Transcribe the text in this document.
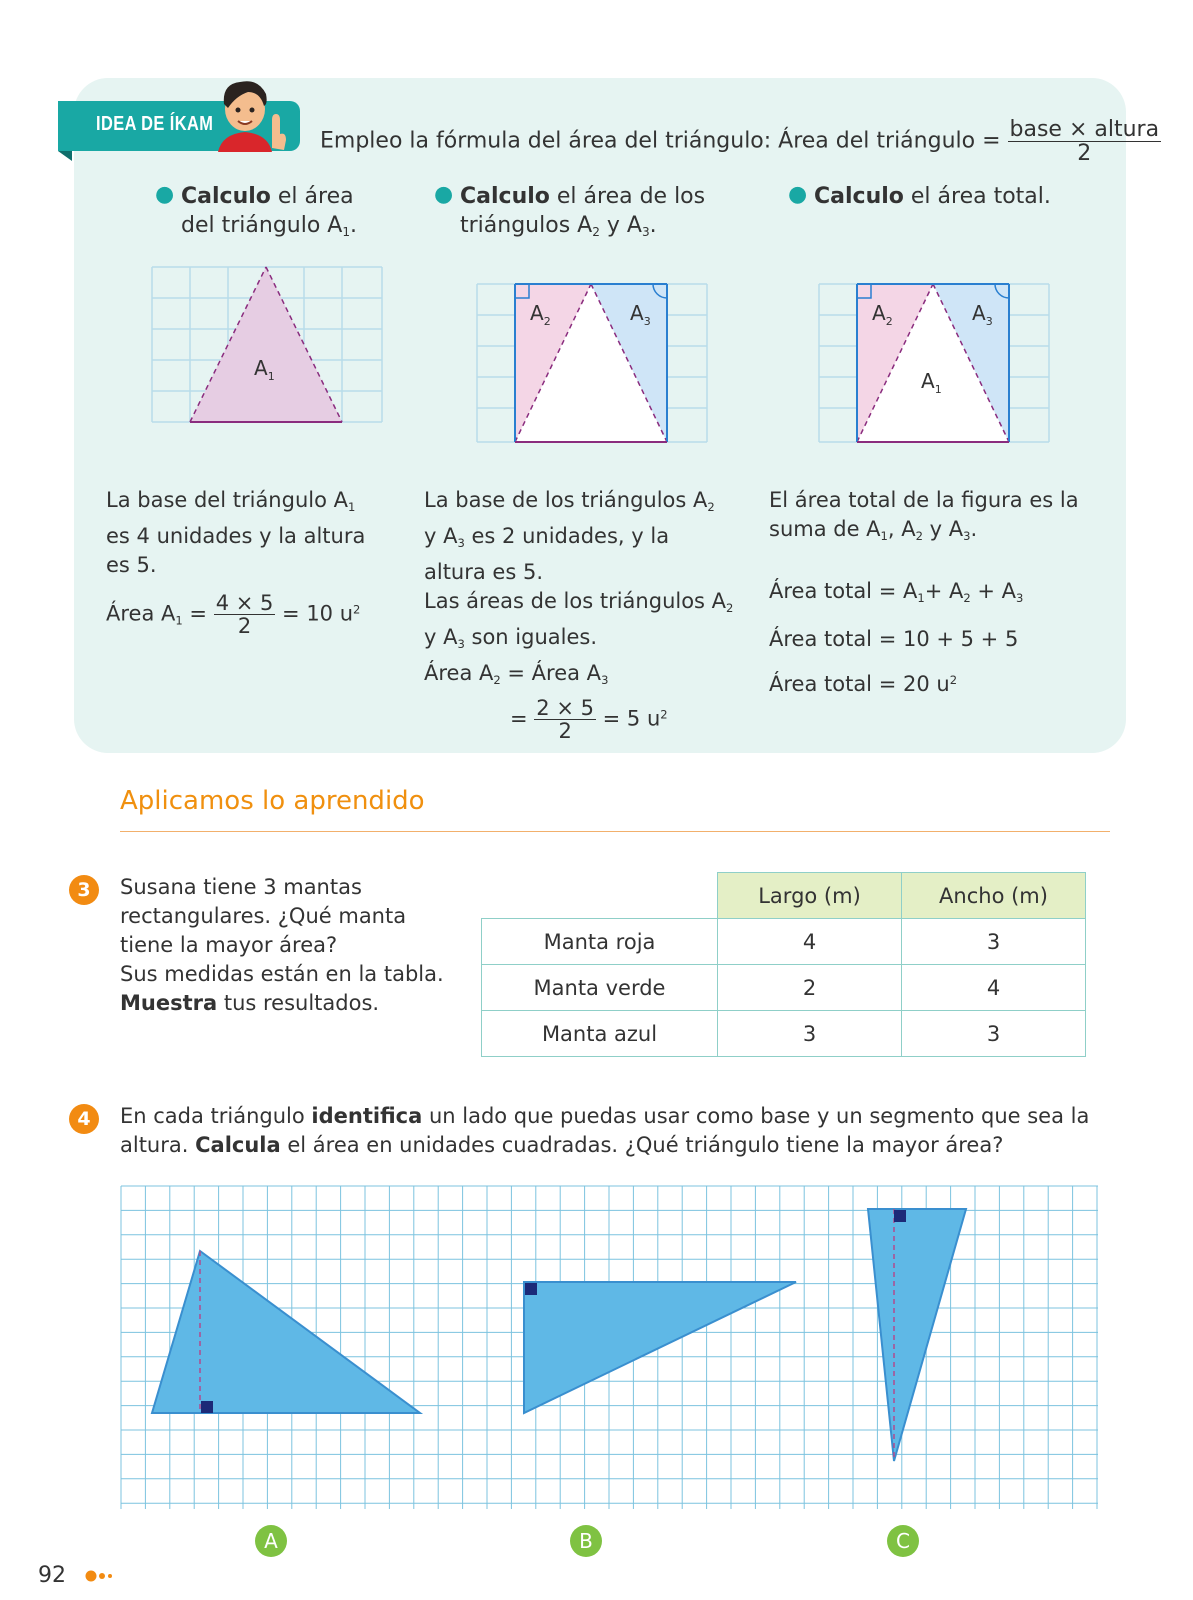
IDEA DE ÍKAM
Empleo la fórmula del área del triángulo: Área del triángulo = $\frac{\text{base × altura}}{2}$
● Calculo el área
del triángulo $A_1$.
● Calculo el área de los
triángulos $A_2$ y $A_3$.
● Calculo el área total.
$A_1$
$A_2$	$A_3$	$A_2$	$A_3$
$A_1$
La base del triángulo $A_1$
es 4 unidades y la altura
es 5.
Área $A_1 = \frac{4 \times 5}{2} = 10$ $u^2$
La base de los triángulos $A_2$
y $A_3$ es 2 unidades, y la
altura es 5.
Las áreas de los triángulos $A_2$
y $A_3$ son iguales.
Área $A_2$ = Área $A_3$
= $\frac{2 \times 5}{2} = 5$ $u^2$
El área total de la figura es la
suma de $A_1$, $A_2$ y $A_3$.
Área total = $A_1+ A_2 + A_3$
Área total = 10 + 5 + 5
Área total = 20 $u^2$
Aplicamos lo aprendido
3	Susana tiene 3 mantas
rectangulares. ¿Qué manta
tiene la mayor área?
Sus medidas están en la tabla.
Muestra tus resultados.
	Largo (m)	Ancho (m)
Manta roja	4	3
Manta verde	2	4
Manta azul	3	3
4	En cada triángulo identifica un lado que puedas usar como base y un segmento que sea la
altura. Calcula el área en unidades cuadradas. ¿Qué triángulo tiene la mayor área?
A	B	C
92
